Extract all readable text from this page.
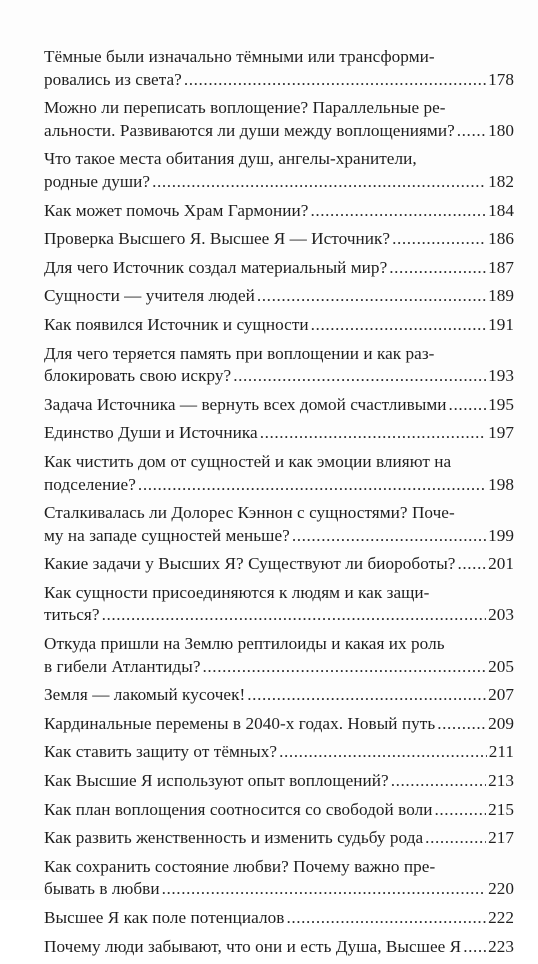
Тёмные были изначально тёмными или трансформи-
ровались из света? .....	178
Можно ли переписать воплощение? Параллельные ре-
альности. Развиваются ли души между воплощениями? ..... 180
Что такое места обитания душ, ангелы-хранители,
родные души? .....	182
Как может помочь Храм Гармонии? .....	184
Проверка Высшего Я. Высшее Я — Источник? .....	186
Для чего Источник создал материальный мир? .....	187
Сущности — учителя людей .....	189
Как появился Источник и сущности .....	191
Для чего теряется память при воплощении и как раз-
блокировать свою искру? .....	193
Задача Источника — вернуть всех домой счастливыми ..... 195
Единство Души и Источника .....	197
Как чистить дом от сущностей и как эмоции влияют на
подселение? .....	198
Сталкивалась ли Долорес Кэннон с сущностями? Поче-
му на западе сущностей меньше? .....	199
Какие задачи у Высших Я? Существуют ли биороботы? ..... 201
Как сущности присоединяются к людям и как защи-
титься? .....	203
Откуда пришли на Землю рептилоиды и какая их роль
в гибели Атлантиды? .....	205
Земля — лакомый кусочек! .....	207
Кардинальные перемены в 2040-х годах. Новый путь .....	209
Как ставить защиту от тёмных? .....	211
Как Высшие Я используют опыт воплощений? .....	213
Как план воплощения соотносится со свободой воли .....	215
Как развить женственность и изменить судьбу рода .....	217
Как сохранить состояние любви? Почему важно пре-
бывать в любви .....	220
Высшее Я как поле потенциалов .....	222
Почему люди забывают, что они и есть Душа, Высшее Я ..... 223
